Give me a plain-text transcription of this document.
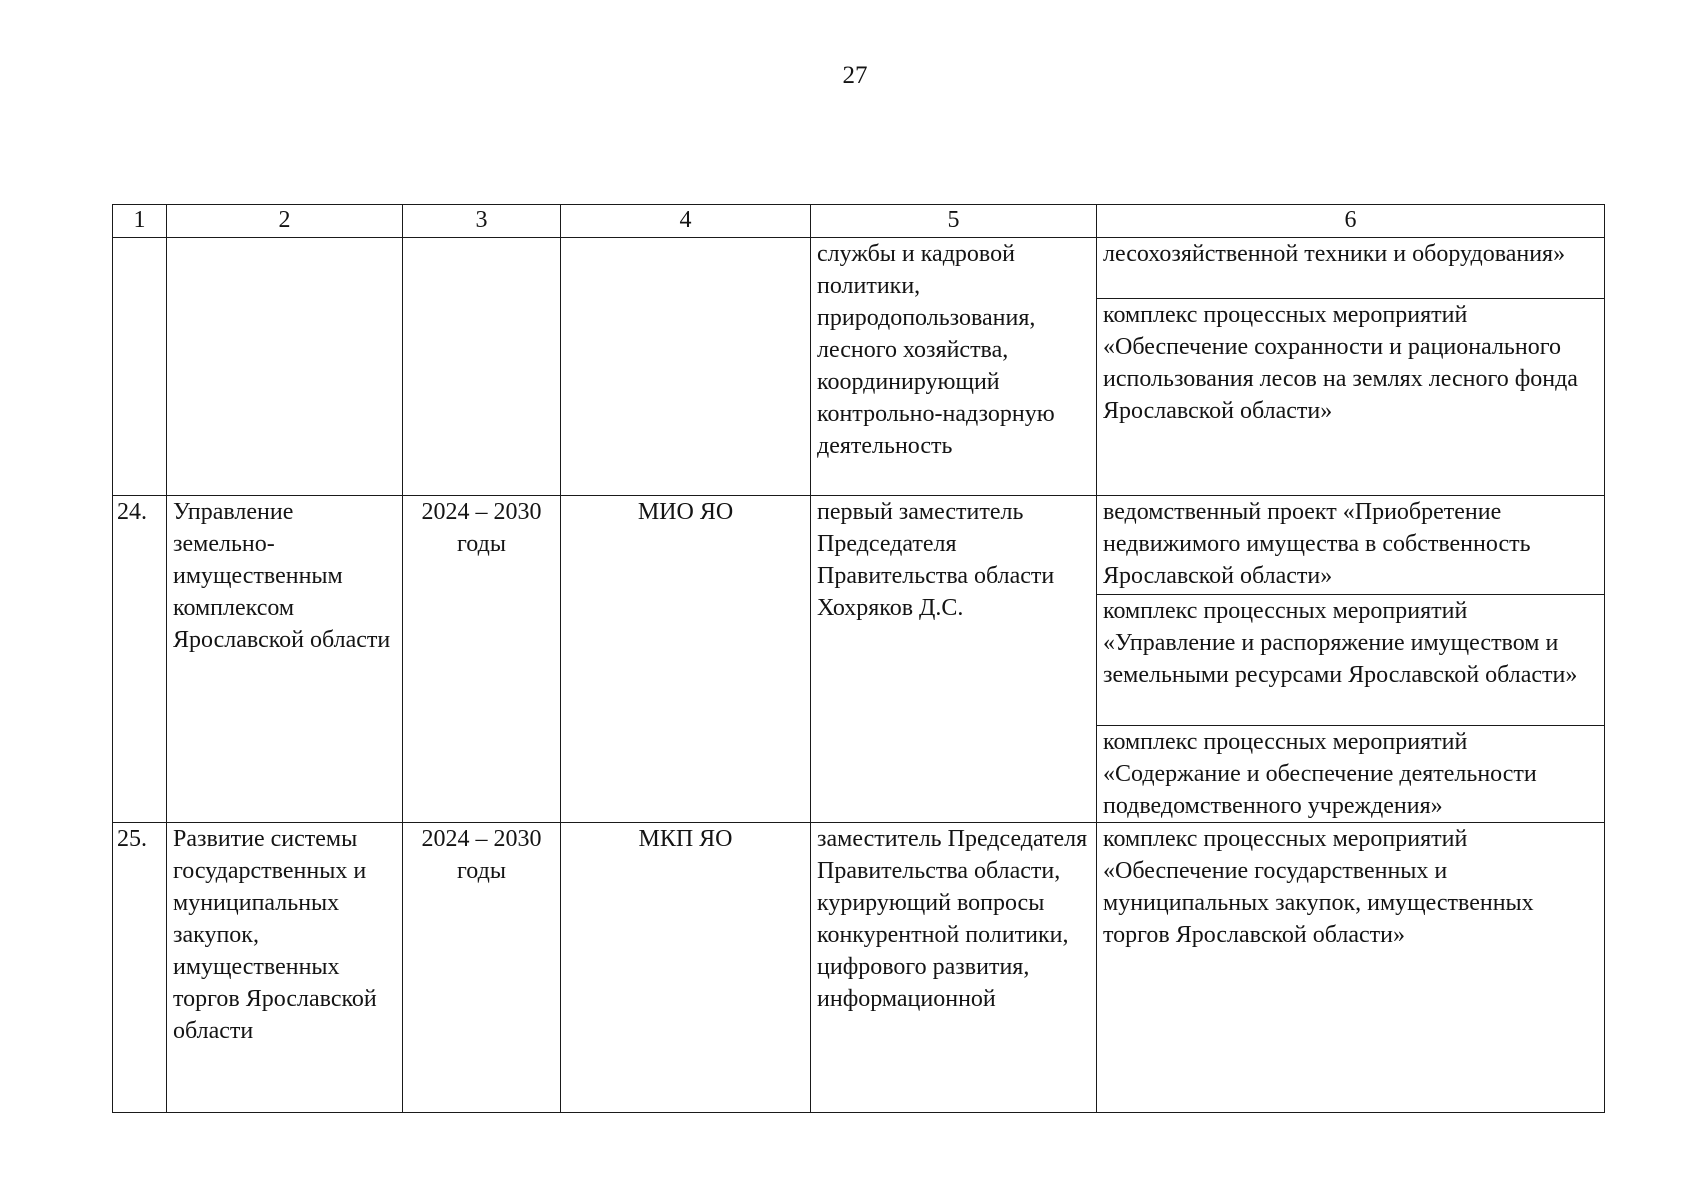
27
1	2	3	4	5	6
				службы и кадровой политики, природопользования, лесного хозяйства, координирующий контрольно-надзорную деятельность	лесохозяйственной техники и оборудования»
комплекс процессных мероприятий «Обеспечение сохранности и рационального использования лесов на землях лесного фонда Ярославской области»

24.	Управление земельно-имущественным комплексом Ярославской области	2024 – 2030 годы	МИО ЯО	первый заместитель Председателя Правительства области Хохряков Д.С.	ведомственный проект «Приобретение недвижимого имущества в собственность Ярославской области»
комплекс процессных мероприятий «Управление и распоряжение имуществом и земельными ресурсами Ярославской области»
комплекс процессных мероприятий «Содержание и обеспечение деятельности подведомственного учреждения»

25.	Развитие системы государственных и муниципальных закупок, имущественных торгов Ярославской области	2024 – 2030 годы	МКП ЯО	заместитель Председателя Правительства области, курирующий вопросы конкурентной политики, цифрового развития, информационной	комплекс процессных мероприятий «Обеспечение государственных и муниципальных закупок, имущественных торгов Ярославской области»
